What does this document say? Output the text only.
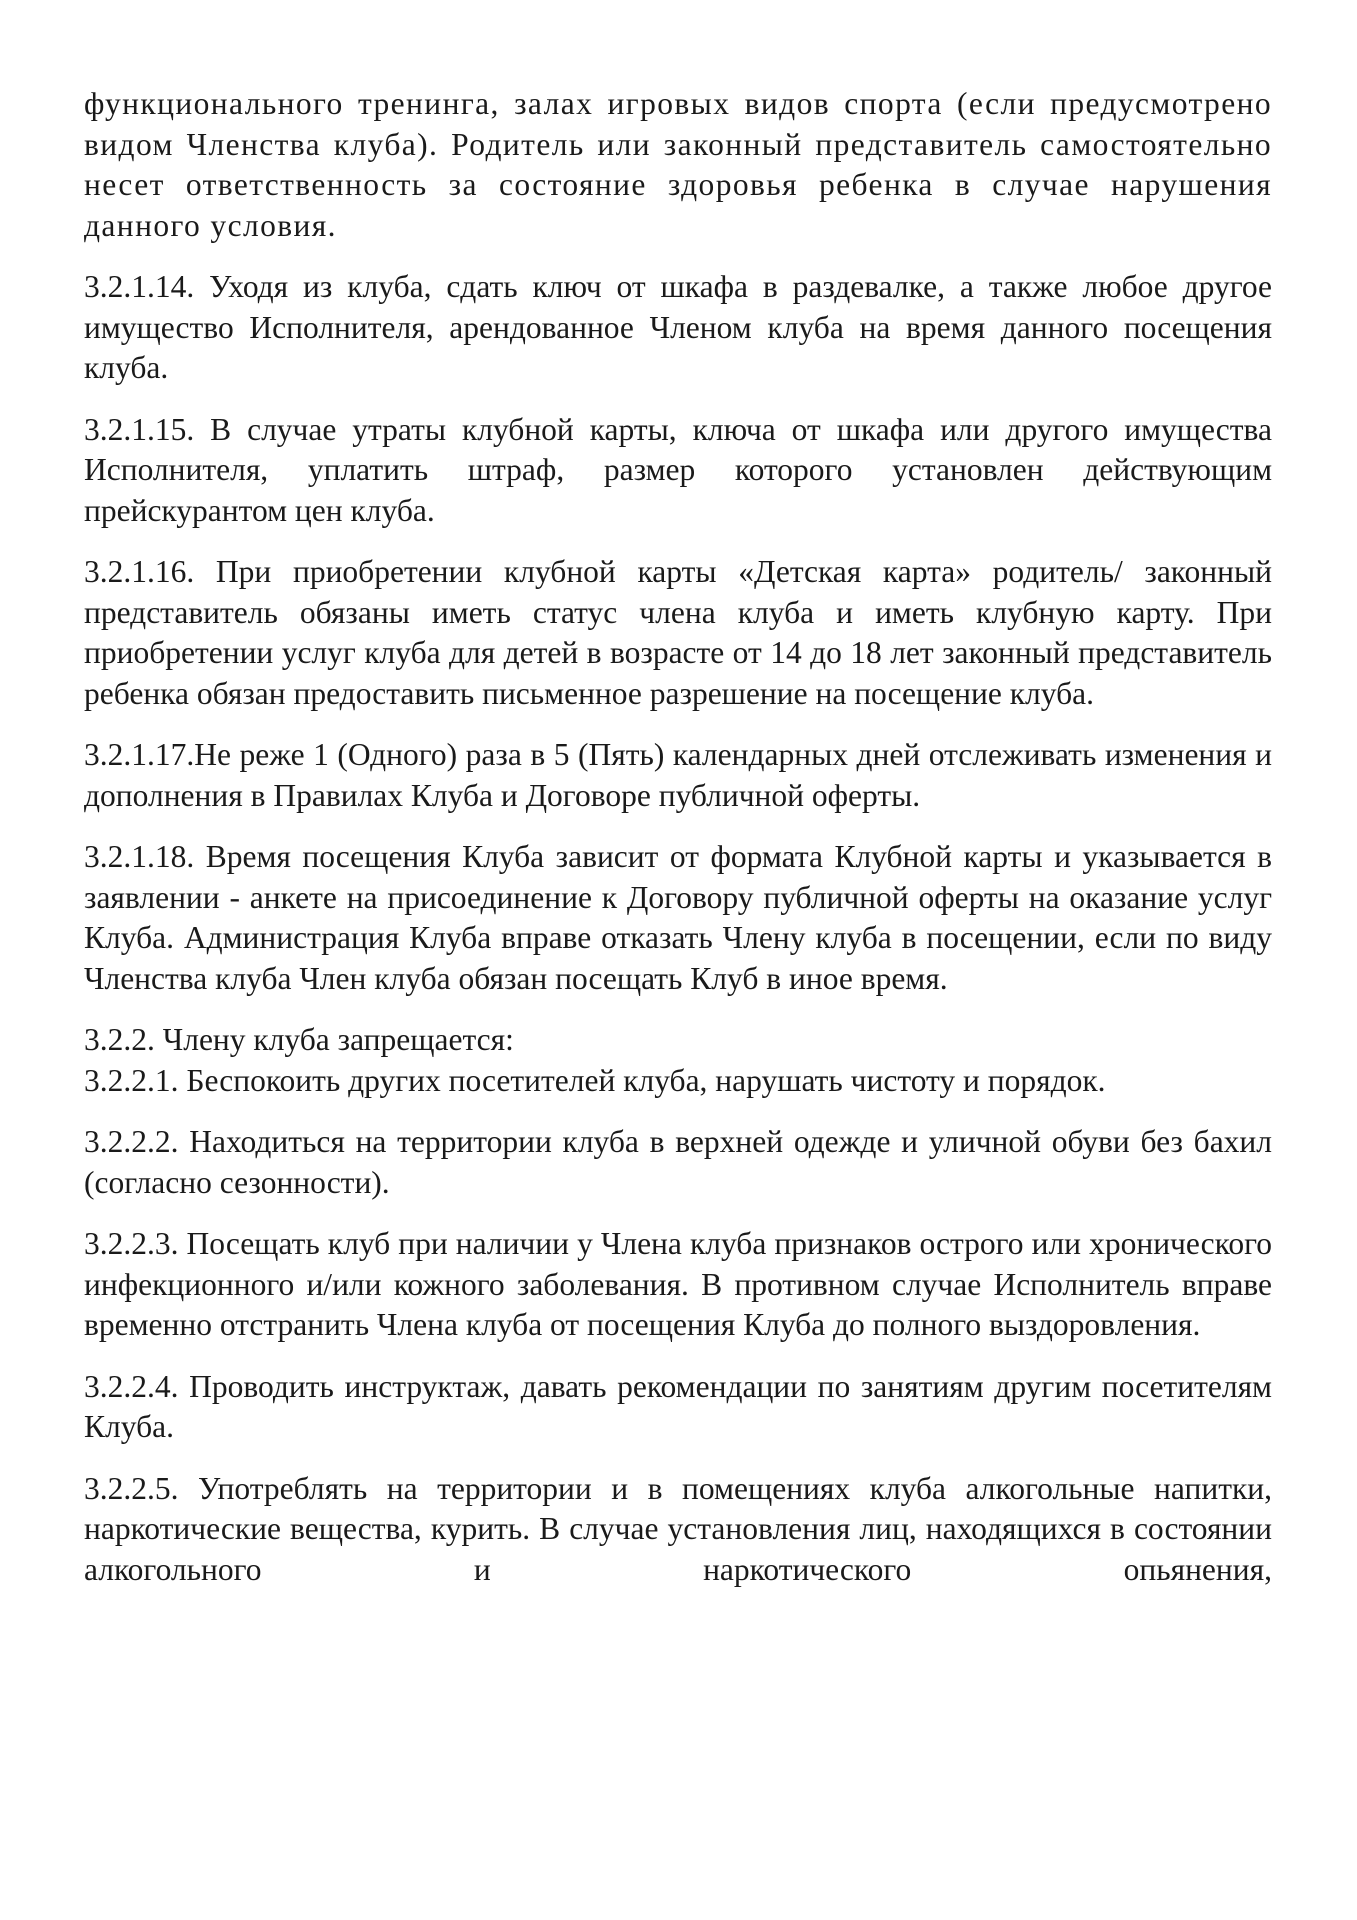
функционального тренинга, залах игровых видов спорта (если предусмотрено видом Членства клуба). Родитель или законный представитель самостоятельно несет ответственность за состояние здоровья ребенка в случае нарушения данного условия.

3.2.1.14. Уходя из клуба, сдать ключ от шкафа в раздевалке, а также любое другое имущество Исполнителя, арендованное Членом клуба на время данного посещения клуба.

3.2.1.15. В случае утраты клубной карты, ключа от шкафа или другого имущества Исполнителя, уплатить штраф, размер которого установлен действующим прейскурантом цен клуба.

3.2.1.16. При приобретении клубной карты «Детская карта» родитель/ законный представитель обязаны иметь статус члена клуба и иметь клубную карту. При приобретении услуг клуба для детей в возрасте от 14 до 18 лет законный представитель ребенка обязан предоставить письменное разрешение на посещение клуба.

3.2.1.17.Не реже 1 (Одного) раза в 5 (Пять) календарных дней отслеживать изменения и дополнения в Правилах Клуба и Договоре публичной оферты.

3.2.1.18. Время посещения Клуба зависит от формата Клубной карты и указывается в заявлении - анкете на присоединение к Договору публичной оферты на оказание услуг Клуба. Администрация Клуба вправе отказать Члену клуба в посещении, если по виду Членства клуба Член клуба обязан посещать Клуб в иное время.

3.2.2. Члену клуба запрещается:

3.2.2.1. Беспокоить других посетителей клуба, нарушать чистоту и порядок.

3.2.2.2. Находиться на территории клуба в верхней одежде и уличной обуви без бахил (согласно сезонности).

3.2.2.3. Посещать клуб при наличии у Члена клуба признаков острого или хронического инфекционного и/или кожного заболевания. В противном случае Исполнитель вправе временно отстранить Члена клуба от посещения Клуба до полного выздоровления.

3.2.2.4. Проводить инструктаж, давать рекомендации по занятиям другим посетителям Клуба.

3.2.2.5. Употреблять на территории и в помещениях клуба алкогольные напитки, наркотические вещества, курить. В случае установления лиц, находящихся в состоянии алкогольного и наркотического опьянения,
